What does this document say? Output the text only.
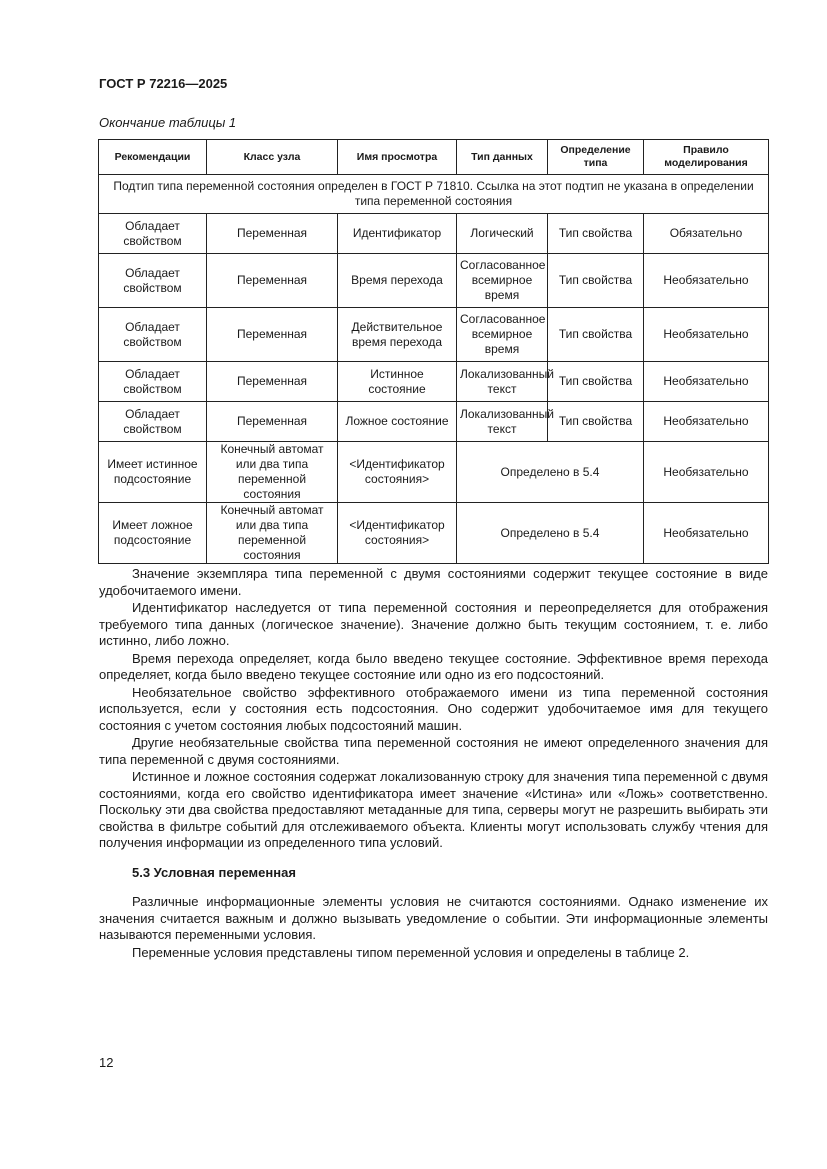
ГОСТ Р 72216—2025
Окончание таблицы 1
Рекомендации	Класс узла	Имя просмотра	Тип данных	Определение типа	Правило моделирования
Подтип типа переменной состояния определен в ГОСТ Р 71810. Ссылка на этот подтип не указана в определении типа переменной состояния					
Обладает свойством	Переменная	Идентификатор	Логический	Тип свойства	Обязательно
Обладает свойством	Переменная	Время перехода	Согласованное всемирное время	Тип свойства	Необязательно
Обладает свойством	Переменная	Действительное время перехода	Согласованное всемирное время	Тип свойства	Необязательно
Обладает свойством	Переменная	Истинное состояние	Локализованный текст	Тип свойства	Необязательно
Обладает свойством	Переменная	Ложное состояние	Локализованный текст	Тип свойства	Необязательно
Имеет истинное подсостояние	Конечный автомат или два типа переменной состояния	<Идентификатор состояния>	Определено в 5.4		Необязательно
Имеет ложное подсостояние	Конечный автомат или два типа переменной состояния	<Идентификатор состояния>	Определено в 5.4		Необязательно

Значение экземпляра типа переменной с двумя состояниями содержит текущее состояние в виде удобочитаемого имени.

Идентификатор наследуется от типа переменной состояния и переопределяется для отображения требуемого типа данных (логическое значение). Значение должно быть текущим состоянием, т. е. либо истинно, либо ложно.

Время перехода определяет, когда было введено текущее состояние. Эффективное время перехода определяет, когда было введено текущее состояние или одно из его подсостояний.

Необязательное свойство эффективного отображаемого имени из типа переменной состояния используется, если у состояния есть подсостояния. Оно содержит удобочитаемое имя для текущего состояния с учетом состояния любых подсостояний машин.

Другие необязательные свойства типа переменной состояния не имеют определенного значения для типа переменной с двумя состояниями.

Истинное и ложное состояния содержат локализованную строку для значения типа переменной с двумя состояниями, когда его свойство идентификатора имеет значение «Истина» или «Ложь» соответственно. Поскольку эти два свойства предоставляют метаданные для типа, серверы могут не разрешить выбирать эти свойства в фильтре событий для отслеживаемого объекта. Клиенты могут использовать службу чтения для получения информации из определенного типа условий.

5.3 Условная переменная

Различные информационные элементы условия не считаются состояниями. Однако изменение их значения считается важным и должно вызывать уведомление о событии. Эти информационные элементы называются переменными условия.

Переменные условия представлены типом переменной условия и определены в таблице 2.

12
